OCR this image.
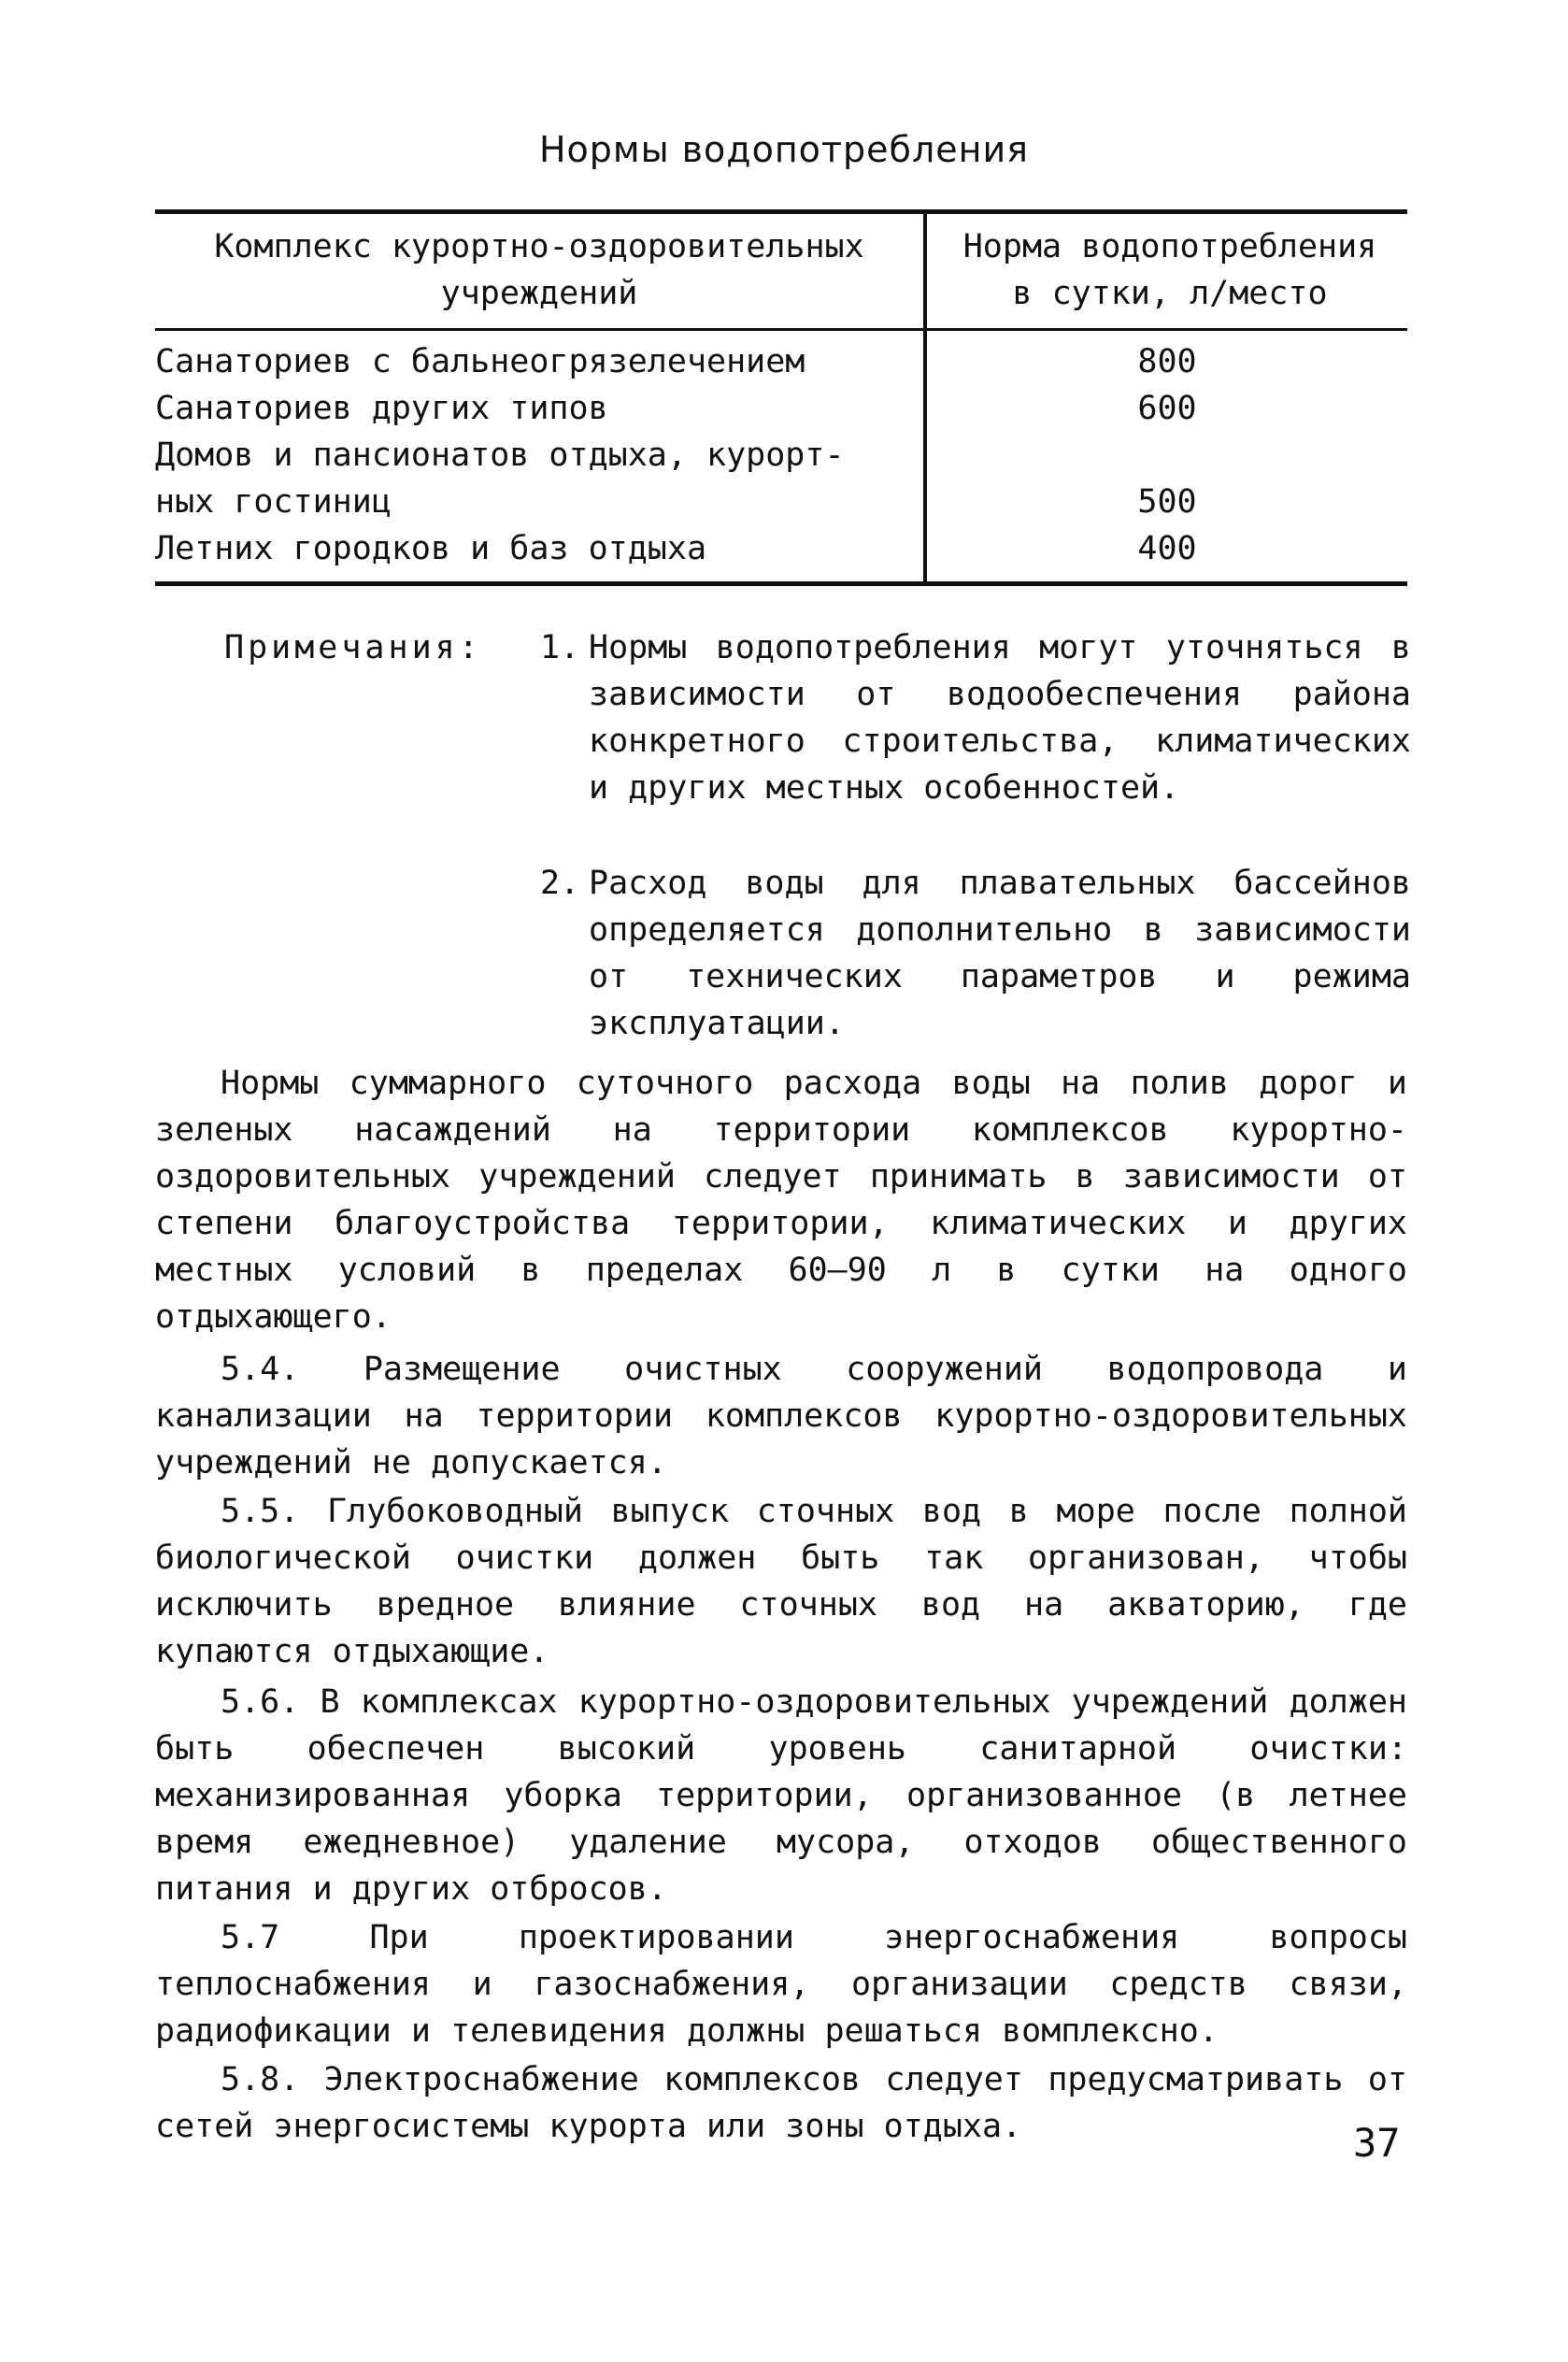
Нормы водопотребления
Комплекс курортно-оздоровительных
учреждений
Норма водопотребления
в сутки, л/место
Санаториев с бальнеогрязелечением
Санаториев других типов
Домов и пансионатов отдыха, курорт-
ных гостиниц
Летних городков и баз отдыха
800
600
500
400
Примечания: 1. Нормы водопотребления могут уточняться в зависимости от водообеспечения района конкретного строительства, климатических и других местных особенностей.
2. Расход воды для плавательных бассейнов определяется дополнительно в зависимости от технических параметров и режима эксплуатации.
Нормы суммарного суточного расхода воды на полив дорог и зеленых насаждений на территории комплексов курортно-оздоровительных учреждений следует принимать в зависимости от степени благоустройства территории, климатических и других местных условий в пределах 60–90 л в сутки на одного отдыхающего.
5.4. Размещение очистных сооружений водопровода и канализации на территории комплексов курортно-оздоровительных учреждений не допускается.
5.5. Глубоководный выпуск сточных вод в море после полной биологической очистки должен быть так организован, чтобы исключить вредное влияние сточных вод на акваторию, где купаются отдыхающие.
5.6. В комплексах курортно-оздоровительных учреждений должен быть обеспечен высокий уровень санитарной очистки: механизированная уборка территории, организованное (в летнее время ежедневное) удаление мусора, отходов общественного питания и других отбросов.
5.7 При проектировании энергоснабжения вопросы теплоснабжения и газоснабжения, организации средств связи, радиофикации и телевидения должны решаться вомплексно.
5.8. Электроснабжение комплексов следует предусматривать от сетей энергосистемы курорта или зоны отдыха.	37
